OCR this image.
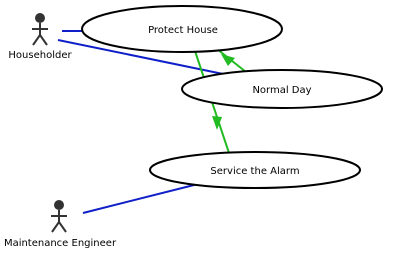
Protect House
Normal Day
Service the Alarm
Householder
Maintenance Engineer
